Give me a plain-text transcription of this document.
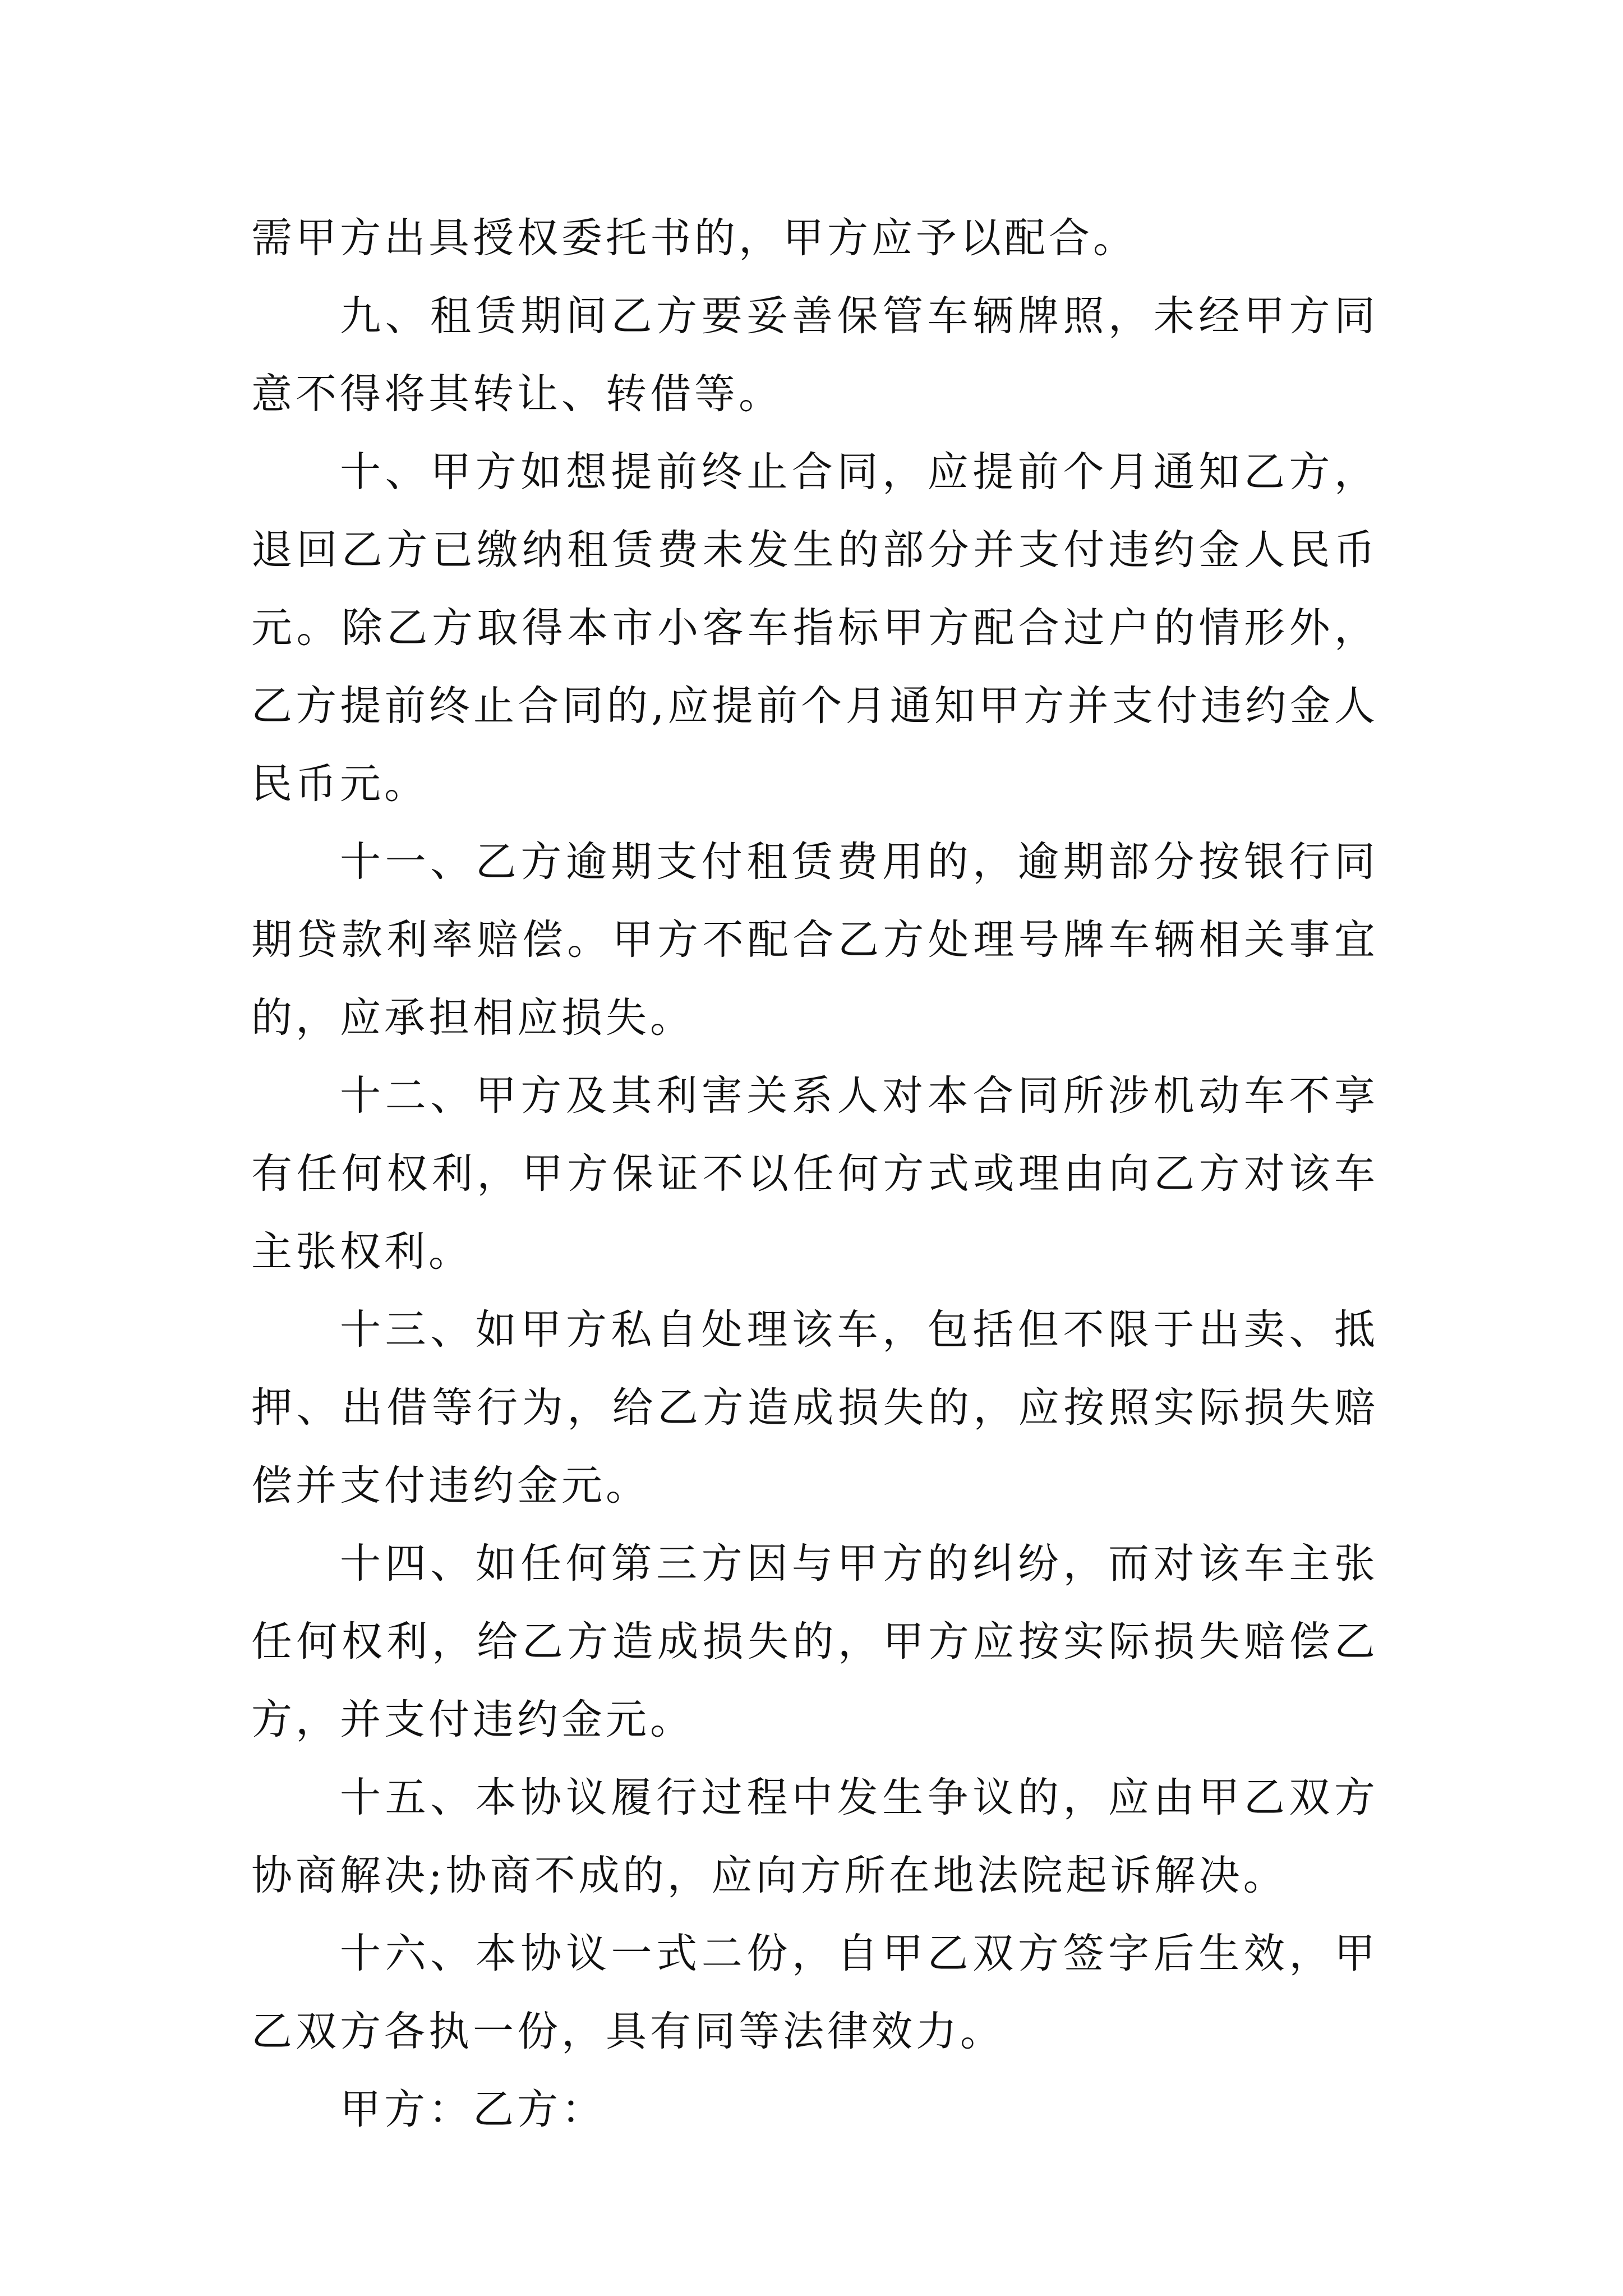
需甲方出具授权委托书的，甲方应予以配合。

九、租赁期间乙方要妥善保管车辆牌照，未经甲方同意不得将其转让、转借等。

十、甲方如想提前终止合同，应提前个月通知乙方，退回乙方已缴纳租赁费未发生的部分并支付违约金人民币元。除乙方取得本市小客车指标甲方配合过户的情形外，乙方提前终止合同的,应提前个月通知甲方并支付违约金人民币元。

十一、乙方逾期支付租赁费用的，逾期部分按银行同期贷款利率赔偿。甲方不配合乙方处理号牌车辆相关事宜的，应承担相应损失。

十二、甲方及其利害关系人对本合同所涉机动车不享有任何权利，甲方保证不以任何方式或理由向乙方对该车主张权利。

十三、如甲方私自处理该车，包括但不限于出卖、抵押、出借等行为，给乙方造成损失的，应按照实际损失赔偿并支付违约金元。

十四、如任何第三方因与甲方的纠纷，而对该车主张任何权利，给乙方造成损失的，甲方应按实际损失赔偿乙方，并支付违约金元。

十五、本协议履行过程中发生争议的，应由甲乙双方协商解决;协商不成的，应向方所在地法院起诉解决。

十六、本协议一式二份，自甲乙双方签字后生效，甲乙双方各执一份，具有同等法律效力。

甲方：乙方：
